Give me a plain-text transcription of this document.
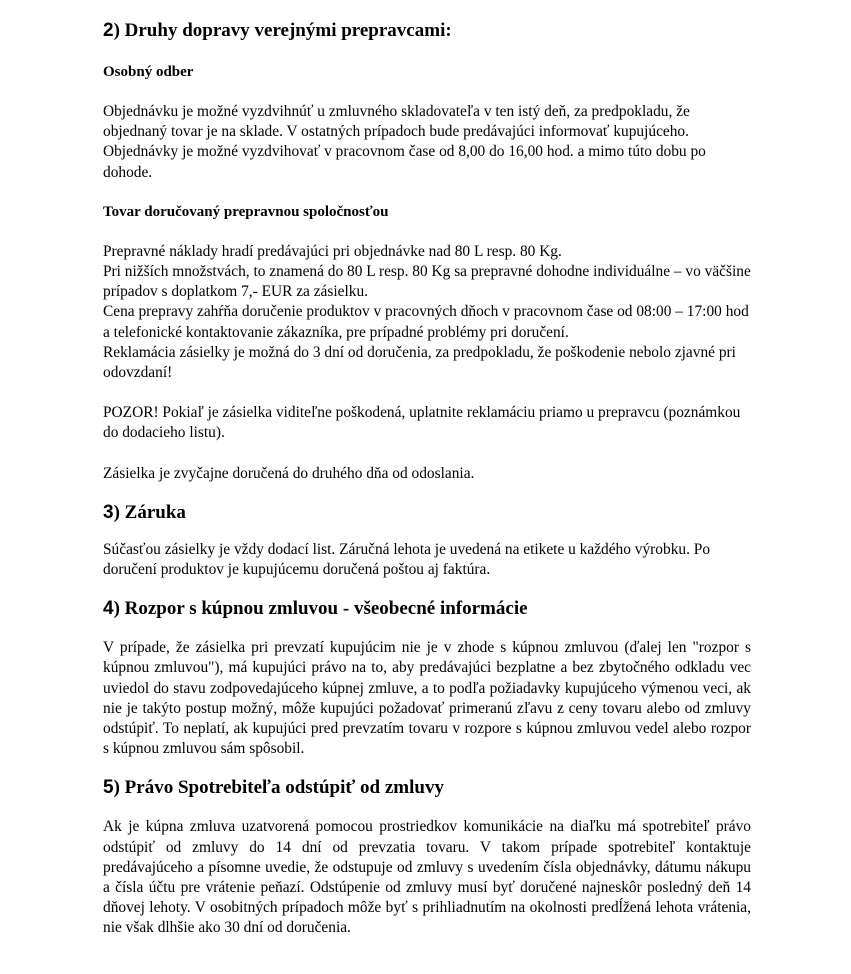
2) Druhy dopravy verejnými prepravcami:
Osobný odber

Objednávku je možné vyzdvihnúť u zmluvného skladovateľa v ten istý deň, za predpokladu, že objednaný tovar je na sklade. V ostatných prípadoch bude predávajúci informovať kupujúceho. Objednávky je možné vyzdvihovať v pracovnom čase od 8,00 do 16,00 hod. a mimo túto dobu po dohode.

Tovar doručovaný prepravnou spoločnosťou

Prepravné náklady hradí predávajúci pri objednávke nad 80 L resp. 80 Kg.

Pri nižších množstvách, to znamená do 80 L resp. 80 Kg sa prepravné dohodne individuálne – vo väčšine prípadov s doplatkom 7,- EUR za zásielku.

Cena prepravy zahŕňa doručenie produktov v pracovných dňoch v pracovnom čase od 08:00 – 17:00 hod a telefonické kontaktovanie zákazníka, pre prípadné problémy pri doručení.

Reklamácia zásielky je možná do 3 dní od doručenia, za predpokladu, že poškodenie nebolo zjavné pri odovzdaní!

POZOR! Pokiaľ je zásielka viditeľne poškodená, uplatnite reklamáciu priamo u prepravcu (poznámkou do dodacieho listu).

Zásielka je zvyčajne doručená do druhého dňa od odoslania.

3) Záruka

Súčasťou zásielky je vždy dodací list. Záručná lehota je uvedená na etikete u každého výrobku. Po doručení produktov je kupujúcemu doručená poštou aj faktúra.

4) Rozpor s kúpnou zmluvou - všeobecné informácie

V prípade, že zásielka pri prevzatí kupujúcim nie je v zhode s kúpnou zmluvou (ďalej len "rozpor s kúpnou zmluvou"), má kupujúci právo na to, aby predávajúci bezplatne a bez zbytočného odkladu vec uviedol do stavu zodpovedajúceho kúpnej zmluve, a to podľa požiadavky kupujúceho výmenou veci, ak nie je takýto postup možný, môže kupujúci požadovať primeranú zľavu z ceny tovaru alebo od zmluvy odstúpiť. To neplatí, ak kupujúci pred prevzatím tovaru v rozpore s kúpnou zmluvou vedel alebo rozpor s kúpnou zmluvou sám spôsobil.

5) Právo Spotrebiteľa odstúpiť od zmluvy

Ak je kúpna zmluva uzatvorená pomocou prostriedkov komunikácie na diaľku má spotrebiteľ právo odstúpiť od zmluvy do 14 dní od prevzatia tovaru. V takom prípade spotrebiteľ kontaktuje predávajúceho a písomne uvedie, že odstupuje od zmluvy s uvedením čísla objednávky, dátumu nákupu a čísla účtu pre vrátenie peňazí. Odstúpenie od zmluvy musí byť doručené najneskôr posledný deň 14 dňovej lehoty. V osobitných prípadoch môže byť s prihliadnutím na okolnosti predĺžená lehota vrátenia, nie však dlhšie ako 30 dní od doručenia.
